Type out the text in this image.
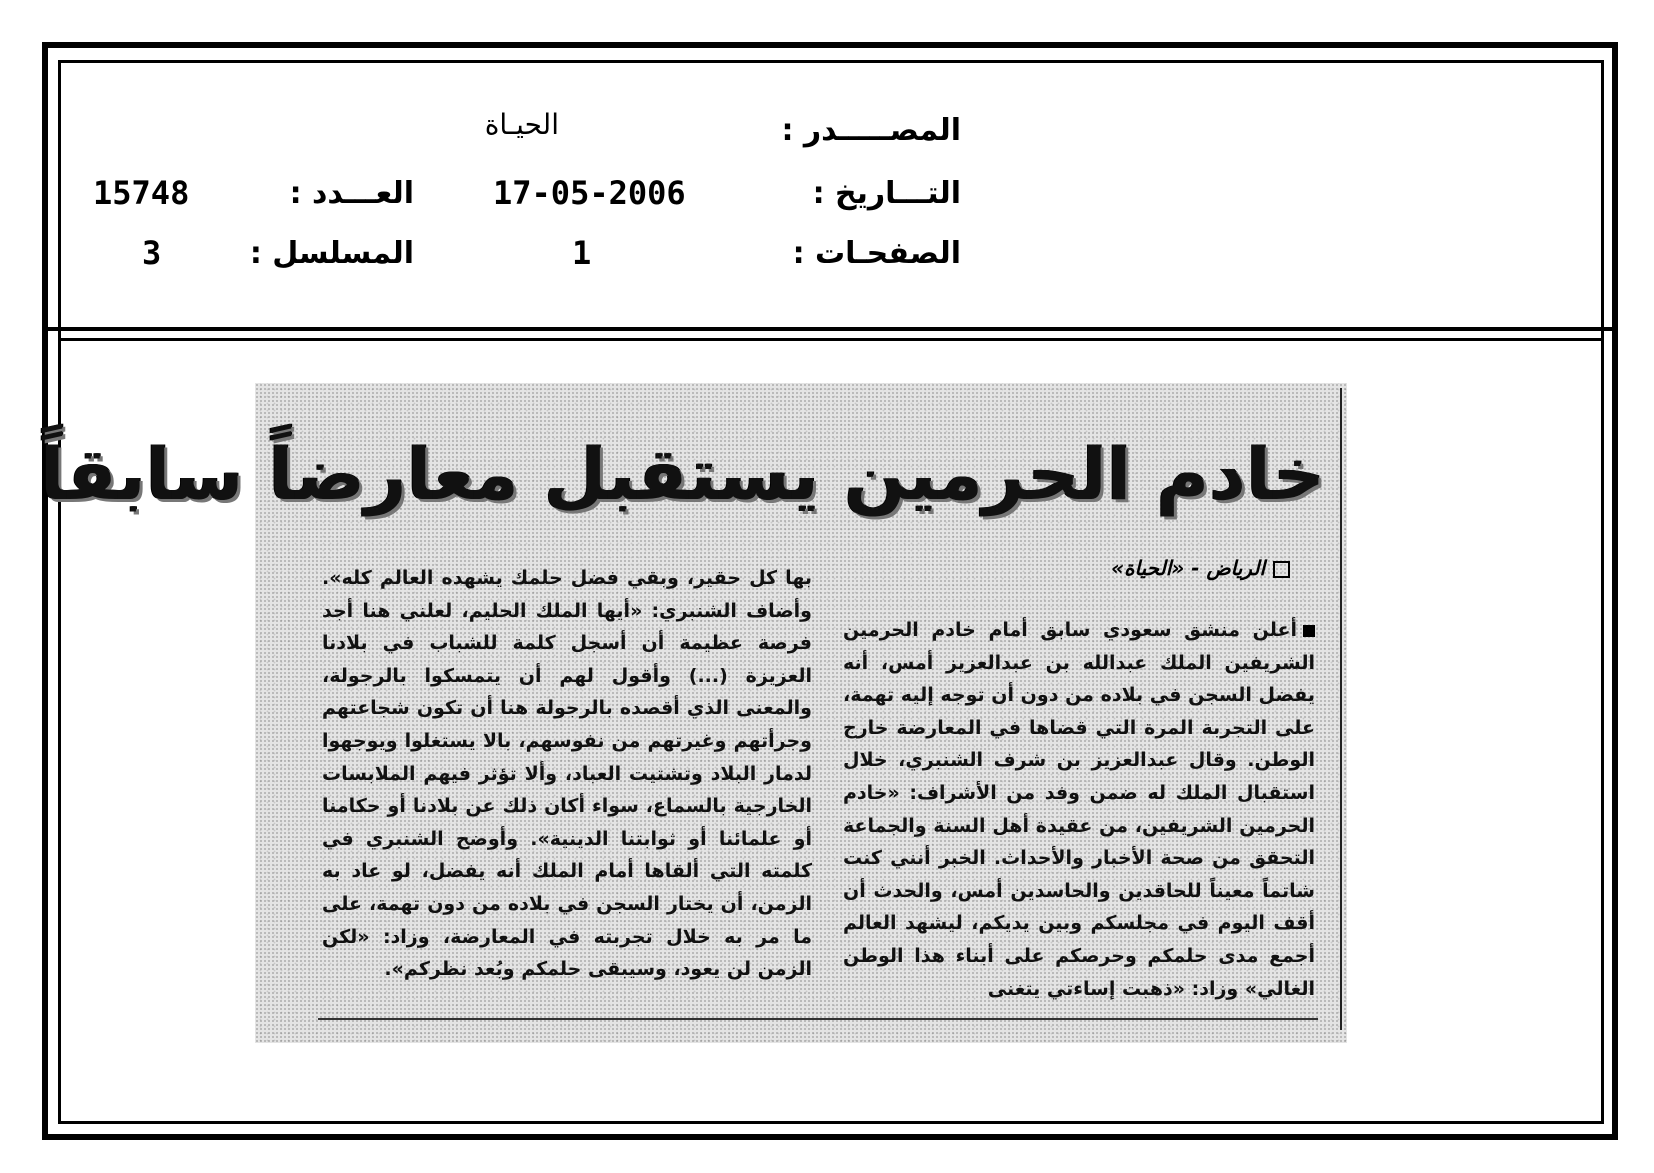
المصـــــدر :
الحيـاة
التـــاريخ :
17-05-2006
العـــدد :
15748
الصفحـات :
1
المسلسل :
3
خادم الحرمين يستقبل معارضاً سابقاً
الرياض - «الحياة»

أعلن منشق سعودي سابق أمام خادم الحرمين الشريفين الملك عبدالله بن عبدالعزيز أمس، أنه يفضل السجن في بلاده من دون أن توجه إليه تهمة، على التجربة المرة التي قضاها في المعارضة خارج الوطن. وقال عبدالعزيز بن شرف الشنبري، خلال استقبال الملك له ضمن وفد من الأشراف: «خادم الحرمين الشريفين، من عقيدة أهل السنة والجماعة التحقق من صحة الأخبار والأحداث. الخبر أنني كنت شاتماً معيناً للحاقدين والحاسدين أمس، والحدث أن أقف اليوم في مجلسكم وبين يديكم، ليشهد العالم أجمع مدى حلمكم وحرصكم على أبناء هذا الوطن الغالي» وزاد: «ذهبت إساءتي يتغنى

بها كل حقير، وبقي فضل حلمك يشهده العالم كله». وأضاف الشنبري: «أيها الملك الحليم، لعلني هنا أجد فرصة عظيمة أن أسجل كلمة للشباب في بلادنا العزيزة (...) وأقول لهم أن يتمسكوا بالرجولة، والمعنى الذي أقصده بالرجولة هنا أن تكون شجاعتهم وجرأتهم وغيرتهم من نفوسهم، بالا يستغلوا ويوجهوا لدمار البلاد وتشتيت العباد، وألا تؤثر فيهم الملابسات الخارجية بالسماع، سواء أكان ذلك عن بلادنا أو حكامنا أو علمائنا أو ثوابتنا الدينية». وأوضح الشنبري في كلمته التي ألقاها أمام الملك أنه يفضل، لو عاد به الزمن، أن يختار السجن في بلاده من دون تهمة، على ما مر به خلال تجربته في المعارضة، وزاد: «لكن الزمن لن يعود، وسيبقى حلمكم وبُعد نظركم».
